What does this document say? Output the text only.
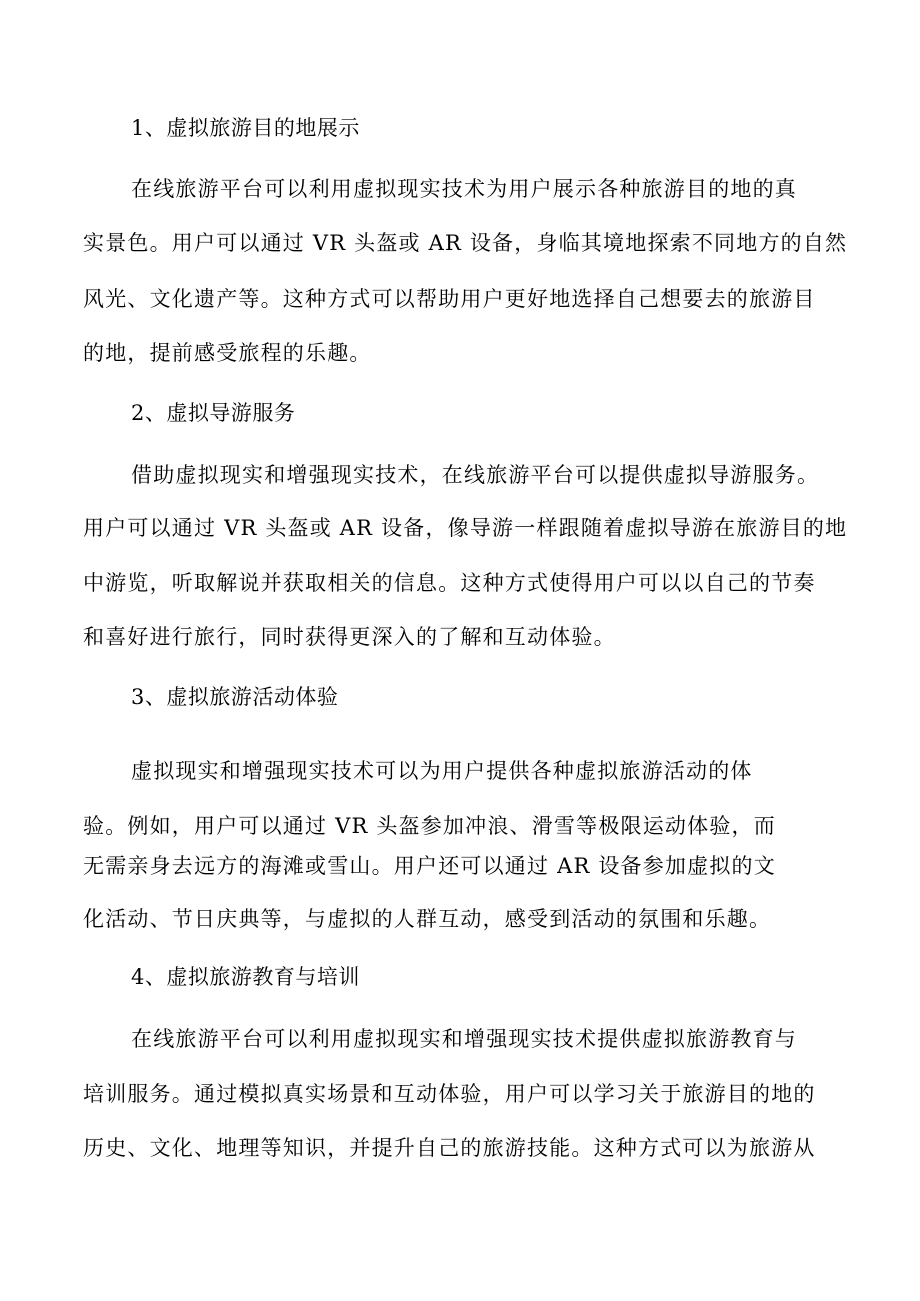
1、虚拟旅游目的地展示
在线旅游平台可以利用虚拟现实技术为用户展示各种旅游目的地的真
实景色。用户可以通过 VR 头盔或 AR 设备，身临其境地探索不同地方的自然
风光、文化遗产等。这种方式可以帮助用户更好地选择自己想要去的旅游目
的地，提前感受旅程的乐趣。
2、虚拟导游服务
借助虚拟现实和增强现实技术，在线旅游平台可以提供虚拟导游服务。
用户可以通过 VR 头盔或 AR 设备，像导游一样跟随着虚拟导游在旅游目的地
中游览，听取解说并获取相关的信息。这种方式使得用户可以以自己的节奏
和喜好进行旅行，同时获得更深入的了解和互动体验。
3、虚拟旅游活动体验
虚拟现实和增强现实技术可以为用户提供各种虚拟旅游活动的体
验。例如，用户可以通过 VR 头盔参加冲浪、滑雪等极限运动体验，而
无需亲身去远方的海滩或雪山。用户还可以通过 AR 设备参加虚拟的文
化活动、节日庆典等，与虚拟的人群互动，感受到活动的氛围和乐趣。
4、虚拟旅游教育与培训
在线旅游平台可以利用虚拟现实和增强现实技术提供虚拟旅游教育与
培训服务。通过模拟真实场景和互动体验，用户可以学习关于旅游目的地的
历史、文化、地理等知识，并提升自己的旅游技能。这种方式可以为旅游从
